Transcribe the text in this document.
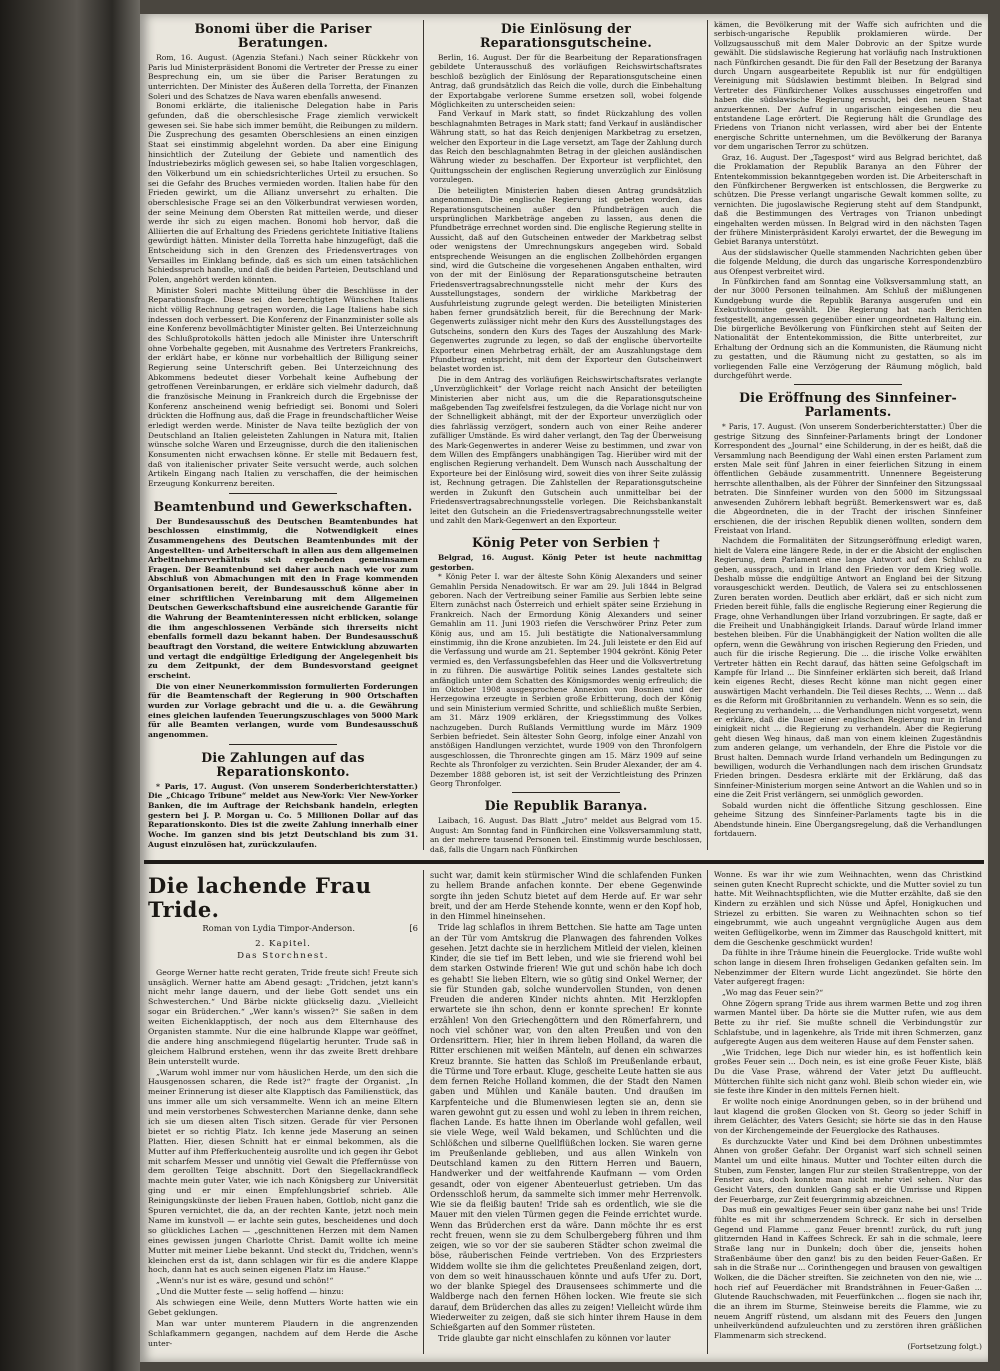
Bonomi über die Pariser Beratungen.

Rom, 16. August. (Agenzia Stefani.) Nach seiner Rückkehr von Paris lud Ministerpräsident Bonomi die Vertreter der Presse zu einer Besprechung ein, um sie über die Pariser Beratungen zu unterrichten. Der Minister des Äußeren della Torretta, der Finanzen Soleri und des Schatzes de Nava waren ebenfalls anwesend.

Bonomi erklärte, die italienische Delegation habe in Paris gefunden, daß die oberschlesische Frage ziemlich verwickelt gewesen sei. Sie habe sich immer bemüht, die Reibungen zu mildern. Die Zusprechung des gesamten Oberschlesiens an einen einzigen Staat sei einstimmig abgelehnt worden. Da aber eine Einigung hinsichtlich der Zuteilung der Gebiete und namentlich des Industriebezirks möglich gewesen sei, so habe Italien vorgeschlagen, den Völkerbund um ein schiedsrichterliches Urteil zu ersuchen. So sei die Gefahr des Bruches vermieden worden. Italien habe für den Frieden gewirkt, um die Allianz unversehrt zu erhalten. Die oberschlesische Frage sei an den Völkerbundrat verwiesen worden, der seine Meinung dem Obersten Rat mitteilen werde, und dieser werde ihr sich zu eigen machen. Bonomi hob hervor, daß die Alliierten die auf Erhaltung des Friedens gerichtete Initiative Italiens gewürdigt hätten. Minister della Torretta habe hinzugefügt, daß die Entscheidung sich in den Grenzen des Friedensvertrages von Versailles im Einklang befinde, daß es sich um einen tatsächlichen Schiedsspruch handle, und daß die beiden Parteien, Deutschland und Polen, angehört werden könnten.

Minister Soleri machte Mitteilung über die Beschlüsse in der Reparationsfrage. Diese sei den berechtigten Wünschen Italiens nicht völlig Rechnung getragen worden, die Lage Italiens habe sich indessen doch verbessert. Die Konferenz der Finanzminister solle als eine Konferenz bevollmächtigter Minister gelten. Bei Unterzeichnung des Schlußprotokolls hätten jedoch alle Minister ihre Unterschrift ohne Vorbehalte gegeben, mit Ausnahme des Vertreters Frankreichs, der erklärt habe, er könne nur vorbehaltlich der Billigung seiner Regierung seine Unterschrift geben. Bei Unterzeichnung des Abkommens bedeutet dieser Vorbehalt keine Aufhebung der getroffenen Vereinbarungen, er erkläre sich vielmehr dadurch, daß die französische Meinung in Frankreich durch die Ergebnisse der Konferenz anscheinend wenig befriedigt sei. Bonomi und Soleri drückten die Hoffnung aus, daß die Frage in freundschaftlicher Weise erledigt werden werde. Minister de Nava teilte bezüglich der von Deutschland an Italien geleisteten Zahlungen in Natura mit, Italien wünsche solche Waren und Erzeugnisse, durch die den italienischen Konsumenten nicht erwachsen könne. Er stelle mit Bedauern fest, daß von italienischer privater Seite versucht werde, auch solchen Artikeln Eingang nach Italien zu verschaffen, die der heimischen Erzeugung Konkurrenz bereiten.

Beamtenbund und Gewerkschaften.

Der Bundesausschuß des Deutschen Beamtenbundes hat beschlossen einstimmig, die Notwendigkeit eines Zusammengehens des Deutschen Beamtenbundes mit der Angestellten- und Arbeiterschaft in allen aus dem allgemeinen Arbeitnehmerverhältnis sich ergebenden gemeinsamen Fragen. Der Beamtenbund sei daher auch nach wie vor zum Abschluß von Abmachungen mit den in Frage kommenden Organisationen bereit, der Bundesausschuß könne aber in einer schriftlichen Vereinbarung mit dem Allgemeinen Deutschen Gewerkschaftsbund eine ausreichende Garantie für die Wahrung der Beamteninteressen nicht erblicken, solange die ihm angeschlossenen Verbände sich ihrerseits nicht ebenfalls formell dazu bekannt haben. Der Bundesausschuß beauftragt den Vorstand, die weitere Entwicklung abzuwarten und vertagt die endgültige Erledigung der Angelegenheit bis zu dem Zeitpunkt, der dem Bundesvorstand geeignet erscheint.

Die von einer Neunerkommission formulierten Forderungen für die Beamtenschaft der Regierung in 900 Ortschaften wurden zur Vorlage gebracht und die u. a. die Gewährung eines gleichen laufenden Teuerungszuschlages von 5000 Mark für alle Beamten verlangen, wurde vom Bundesausschuß angenommen.

Die Zahlungen auf das Reparationskonto.

* Paris, 17. August. (Von unserem Sonderberichterstatter.) Die „Chicago Tribune“ meldet aus New-York: Vier New-Yorker Banken, die im Auftrage der Reichsbank handeln, erlegten gestern bei J. P. Morgan u. Co. 5 Millionen Dollar auf das Reparationskonto. Dies ist die zweite Zahlung innerhalb einer Woche. Im ganzen sind bis jetzt Deutschland bis zum 31. August einzulösen hat, zurückzulaufen.

Die Einlösung der Reparationsgutscheine.

Berlin, 16. August. Der für die Bearbeitung der Reparationsfragen gebildete Unterausschuß des vorläufigen Reichswirtschaftsrates beschloß bezüglich der Einlösung der Reparationsgutscheine einen Antrag, daß grundsätzlich das Reich die volle, durch die Einbehaltung der Exportabgabe verlorene Summe ersetzen soll, wobei folgende Möglichkeiten zu unterscheiden seien:

Fand Verkauf in Mark statt, so findet Rückzahlung des vollen beschlagnahmten Betrages in Mark statt; fand Verkauf in ausländischer Währung statt, so hat das Reich denjenigen Markbetrag zu ersetzen, welcher den Exporteur in die Lage versetzt, am Tage der Zahlung durch das Reich den beschlagnahmten Betrag in der gleichen ausländischen Währung wieder zu beschaffen. Der Exporteur ist verpflichtet, den Quittungsschein der englischen Regierung unverzüglich zur Einlösung vorzulegen.

Die beteiligten Ministerien haben diesen Antrag grundsätzlich angenommen. Die englische Regierung ist gebeten worden, das Reparationsgutscheinen außer den Pfundbeträgen auch die ursprünglichen Markbeträge angeben zu lassen, aus denen die Pfundbeträge errechnet worden sind. Die englische Regierung stellte in Aussicht, daß auf den Gutscheinen entweder der Markbetrag selbst oder wenigstens der Umrechnungskurs angegeben wird. Sobald entsprechende Weisungen an die englischen Zollbehörden ergangen sind, wird die Gutscheine die vorgesehenen Angaben enthalten, wird von der mit der Einlösung der Reparationsgutscheine betrauten Friedensvertragsabrechnungsstelle nicht mehr der Kurs des Ausstellungstages, sondern der wirkliche Markbetrag der Ausfuhrleistung zugrunde gelegt werden. Die beteiligten Ministerien haben ferner grundsätzlich bereit, für die Berechnung der Mark-Gegenwerts zulässiger nicht mehr den Kurs des Ausstellungstages des Gutscheins, sondern den Kurs des Tages der Auszahlung des Mark-Gegenwertes zugrunde zu legen, so daß der englische übervorteilte Exporteur einen Mehrbetrag erhält, der am Auszahlungstage dem Pfundbetrag entspricht, mit dem der Exporteur den Gutscheinwert belastet worden ist.

Die in dem Antrag des vorläufigen Reichswirtschaftsrates verlangte „Unverzüglichkeit“ der Vorlage reicht nach Ansicht der beteiligten Ministerien aber nicht aus, um die die Reparationsgutscheine maßgebenden Tag zweifelsfrei festzulegen, da die Vorlage nicht nur von der Schnelligkeit abhängt, mit der der Exporteur unverzüglich oder dies fahrlässig verzögert, sondern auch von einer Reihe anderer zufälliger Umstände. Es wird daher verlangt, den Tag der Überweisung des Mark-Gegenwertes in anderer Weise zu bestimmen, und zwar von dem Willen des Empfängers unabhängigen Tag. Hierüber wird mit der englischen Regierung verhandelt. Dem Wunsch nach Ausschaltung der Exporteure bei der Einlösung wird, soweit dies von ihrer Seite zulässig ist, Rechnung getragen. Die Zahlstellen der Reparationsgutscheine werden in Zukunft den Gutschein auch unmittelbar bei der Friedensvertragsabrechnungsstelle vorlegen. Die Reichsbankanstalt leitet den Gutschein an die Friedensvertragsabrechnungsstelle weiter und zahlt den Mark-Gegenwert an den Exporteur.

König Peter von Serbien †

Belgrad, 16. August. König Peter ist heute nachmittag gestorben.

* König Peter I. war der älteste Sohn König Alexanders und seiner Gemahlin Persida Nenadowitsch. Er war am 29. Juli 1844 in Belgrad geboren. Nach der Vertreibung seiner Familie aus Serbien lebte seine Eltern zunächst nach Österreich und erhielt später seine Erziehung in Frankreich. Nach der Ermordung König Alexanders und seiner Gemahlin am 11. Juni 1903 riefen die Verschwörer Prinz Peter zum König aus, und am 15. Juli bestätigte die Nationalversammlung einstimmig, ihn die Krone anzubieten. Im 24. Juli leistete er den Eid auf die Verfassung und wurde am 21. September 1904 gekrönt. König Peter vermied es, den Verfassungsbefehlen das Heer und die Volksvertretung in zu führen. Die auswärtige Politik seines Landes gestaltete sich anfänglich unter dem Schatten des Königsmordes wenig erfreulich; die im Oktober 1908 ausgesprochene Annexion von Bosnien und der Herzegowina erzeugte in Serbien große Erbitterung, doch der König und sein Ministerium vermied Schritte, und schließlich mußte Serbien, am 31. März 1909 erklären, der Kriegsstimmung des Volkes nachzugeben. Durch Rußlands Vermittlung wurde im März 1909 Serbien befriedet. Sein ältester Sohn Georg, infolge einer Anzahl von anstößigen Handlungen verzichtet, wurde 1909 von den Thronfolgern ausgeschlossen, die Thronrechte gingen am 15. März 1909 auf seine Rechte als Thronfolger zu verzichten. Sein Bruder Alexander, der am 4. Dezember 1888 geboren ist, ist seit der Verzichtleistung des Prinzen Georg Thronfolger.

Die Republik Baranya.

Laibach, 16. August. Das Blatt „Jutro“ meldet aus Belgrad vom 15. August: Am Sonntag fand in Fünfkirchen eine Volksversammlung statt, an der mehrere tausend Personen teil. Einstimmig wurde beschlossen, daß, falls die Ungarn nach Fünfkirchen

kämen, die Bevölkerung mit der Waffe sich aufrichten und die serbisch-ungarische Republik proklamieren würde. Der Vollzugsausschuß mit dem Maler Dobrovic an der Spitze wurde gewählt. Die südslawische Regierung hat vorläufig nach Instruktionen nach Fünfkirchen gesandt. Die für den Fall der Besetzung der Baranya durch Ungarn ausgearbeitete Republik ist nur für endgültigen Vereinigung mit Südslawien bestimmt bleiben. In Belgrad sind Vertreter des Fünfkirchener Volkes ausschusses eingetroffen und haben die südslawische Regierung ersucht, bei den neuen Staat anzuerkennen. Der Aufruf in ungarischen eingesehen die neu entstandene Lage erörtert. Die Regierung hält die Grundlage des Friedens von Trianon nicht verlassen, wird aber bei der Entente energische Schritte unternehmen, um die Bevölkerung der Baranya vor dem ungarischen Terror zu schützen.

Graz, 16. August. Der „Tagespost“ wird aus Belgrad berichtet, daß die Proklamation der Republik Baranya an den Führer der Ententekommission bekanntgegeben worden ist. Die Arbeiterschaft in den Fünfkirchener Bergwerken ist entschlossen, die Bergwerke zu schützen. Die Presse verlangt ungarische Gewalt kommen sollte, zu vernichten. Die jugoslawische Regierung steht auf dem Standpunkt, daß die Bestimmungen des Vertrages von Trianon unbedingt eingehalten werden müssen. In Belgrad wird in den nächsten Tagen der frühere Ministerpräsident Karolyi erwartet, der die Bewegung im Gebiet Baranya unterstützt.

Aus der südslawischer Quelle stammenden Nachrichten geben über die folgende Meldung, die durch das ungarische Korrespondenzbüro aus Ofenpest verbreitet wird.

In Fünfkirchen fand am Sonntag eine Volksversammlung statt, an der nur 3000 Personen teilnahmen. Am Schluß der mißlungenen Kundgebung wurde die Republik Baranya ausgerufen und ein Exekutivkomitee gewählt. Die Regierung hat nach Berichten festgestellt, angemessen gegenüber einer ungeordneten Haltung ein. Die bürgerliche Bevölkerung von Fünfkirchen steht auf Seiten der Nationalität der Ententekommission, die Bitte unterbreitet, zur Erhaltung der Ordnung sich an die Kommunisten, die Räumung nicht zu gestatten, und die Räumung nicht zu gestatten, so als im vorliegenden Falle eine Verzögerung der Räumung möglich, bald durchgeführt werde.

Die Eröffnung des Sinnfeiner-Parlaments.

* Paris, 17. August. (Von unserem Sonderberichterstatter.) Über die gestrige Sitzung des Sinnfeiner-Parlaments bringt der Londoner Korrespondent des „Journal“ eine Schilderung, in der es heißt, daß die Versammlung nach Beendigung der Wahl einen ersten Parlament zum ersten Male seit fünf Jahren in einer feierlichen Sitzung in einem öffentlichen Gebäude zusammentritt. Unnennere Begeisterung herrschte allenthalben, als der Führer der Sinnfeiner den Sitzungssaal betraten. Die Sinnfeiner wurden von den 5000 im Sitzungssaal anwesenden Zuhörern lebhaft begrüßt. Bemerkenswert war es, daß die Abgeordneten, die in der Tracht der irischen Sinnfeiner erschienen, die der irischen Republik dienen wollten, sondern dem Freistaat von Irland.

Nachdem die Formalitäten der Sitzungseröffnung erledigt waren, hielt de Valera eine längere Rede, in der er die Absicht der englischen Regierung, dem Parlament eine lange Antwort auf den Schluß zu geben, aussprach, und in Irland den Frieden vor dem Krieg wolle. Deshalb müsse die endgültige Antwort an England bei der Sitzung vorausgeschickt werden. Deutlich, de Valera sei zu entschlossenen Zuren beraten worden. Deutlich aber erklärt, daß er sich nicht zum Frieden bereit fühle, falls die englische Regierung einer Regierung die Frage, ohne Verhandlungen über Irland vorzubringen. Er sagte, daß er die Freiheit und Unabhängigkeit Irlands. Darauf würde Irland immer bestehen bleiben. Für die Unabhängigkeit der Nation wollten die alle opfern, wenn die Gewährung von irischen Regierung den Frieden, und auch für die irische Regierung. Die ... die irische Volke erwählten Vertreter hätten ein Recht darauf, das hätten seine Gefolgschaft im Kampfe für Irland ... Die Sinnfeiner erklärten sich bereit, daß Irland kein eigenes Recht, dieses Recht könne man nicht gegen einer auswärtigen Macht verhandeln. Die Teil dieses Rechts, ... Wenn ... daß es die Reform mit Großbritannien zu verhandeln. Wenn es so sein, die Regierung zu verhandeln, ... die Verhandlungen nicht vorgesetzt, wenn er erkläre, daß die Dauer einer englischen Regierung nur in Irland einigkeit nicht ... die Regierung zu verhandeln. Aber die Regierung geht diesen Weg hinaus, daß man von einem kleinen Zugeständnis zum anderen gelange, um verhandeln, der Ehre die Pistole vor die Brust halten. Demnach wurde Irland verhandeln um Bedingungen zu bewilligen, wodurch die Verhandlungen nach dem irischen Grundsatz Frieden bringen. Desdesra erklärte mit der Erklärung, daß das Sinnfeiner-Ministerium morgen seine Antwort an die Wahlen und so in eine die Zeit Frist verlängern, sei unmöglich geworden.

Sobald wurden nicht die öffentliche Sitzung geschlossen. Eine geheime Sitzung des Sinnfeiner-Parlaments tagte bis in die Abendstunde hinein. Eine Übergangsregelung, daß die Verhandlungen fortdauern.

Die lachende Frau Tride.
Roman von Lydia Timpor-Anderson.	[6
2. Kapitel.
Das Storchnest.

George Werner hatte recht geraten, Tride freute sich! Freute sich unsäglich. Werner hatte am Abend gesagt: „Tridchen, jetzt kann's nicht mehr lange dauern, und der liebe Gott sendet uns ein Schwesterchen.“ Und Bärbe nickte glückselig dazu. „Vielleicht sogar ein Brüderchen.“ „Wer kann's wissen?“ Sie saßen in dem weiten Eichenklapptisch, der noch aus dem Elternhause des Organisten stammte. Nur die eine halbrunde Klappe war geöffnet, die andere hing anschmiegend flügelartig herunter. Trude saß in gleichem Halbrund erstehen, wenn ihr das zweite Brett drehbare Bein unterstellt wurde.

„Warum wohl immer nur vom häuslichen Herde, um den sich die Hausgenossen scharen, die Rede ist?“ fragte der Organist. „In meiner Erinnerung ist dieser alte Klapptisch das Familienstück, das uns immer alle um sich versammelte. Wenn ich an meine Eltern und mein verstorbenes Schwesterchen Marianne denke, dann sehe ich sie um diesen alten Tisch sitzen. Gerade für vier Personen bietet er so richtig Platz. Ich kenne jede Maserung an seinen Platten. Hier, diesen Schnitt hat er einmal bekommen, als die Mutter auf ihm Pfefferkuchenteig ausrollte und ich gegen ihr Gebot mit scharfem Messer und unnötig viel Gewalt die Pfeffernüsse von dem gerollten Teige abschnitt. Dort den Siegellackrandfleck machte mein guter Vater, wie ich nach Königsberg zur Universität ging und er mir einen Empfehlungsbrief schrieb. Alle Reinigungskünste der lieben Frauen haben, Gottlob, nicht ganz die Spuren vernichtet, die da, an der rechten Kante, jetzt noch mein Name im kunstvoll — er lachte sein gutes, bescheidenes und doch so glückliches Lachen — „geschnittenen Herzen mit dem Namen eines gewissen jungen Charlotte Christ. Damit wollte ich meine Mutter mit meiner Liebe bekannt. Und steckt du, Tridchen, wenn's kleinchen erst da ist, dann schlagen wir für es die andere Klappe hoch, dann hat es auch seinen eigenen Platz im Hause.“

„Wenn's nur ist es wäre, gesund und schön!“

„Und die Mutter feste — selig hoffend — hinzu:

Als schwiegen eine Weile, denn Mutters Worte hatten wie ein Gebet geklungen.

Man war unter munterem Plaudern in die angrenzenden Schlafkammern gegangen, nachdem auf dem Herde die Asche unter-

sucht war, damit kein stürmischer Wind die schlafenden Funken zu hellem Brande anfachen konnte. Der ebene Gegenwinde sorgte ihn jeden Schutz bietet auf dem Herde auf. Er war sehr breit, und der am Herde Stehende konnte, wenn er den Kopf hob, in den Himmel hineinsehen.

Tride lag schlaflos in ihrem Bettchen. Sie hatte am Tage unten an der Tür vom Amtskrug die Planwagen des fahrenden Volkes gesehen. Jetzt dachte sie in herzlichem Mitleid der vielen, kleinen Kinder, die sie tief im Bett leben, und wie sie frierend wohl bei dem starken Ostwinde frieren! Wie gut und schön habe ich doch es gehabt! Sie lieben Eltern, wie so gütig sind Onkel Werner, der sie für Stunden gab, solche wundervollen Stunden, von denen Freuden die anderen Kinder nichts ahnten. Mit Herzklopfen erwartete sie ihn schon, denn er konnte sprechen! Er konnte erzählen! Von den Griechengöttern und den Römerfahrern, und noch viel schöner war, von den alten Preußen und von den Ordensrittern. Hier, hier in ihrem lieben Holland, da waren die Ritter erschienen mit weißen Mänteln, auf denen ein schwarzes Kreuz brannte. Sie hatten das Schloß im Preußenlande erbaut, die Türme und Tore erbaut. Kluge, gescheite Leute hatten sie aus dem fernen Reiche Holland kommen, die der Stadt den Namen gaben und Mühlen und Kanäle bauten. Und draußen im Karpfenteiche und die Blumenwiesen legten sie an, denn sie waren gewohnt gut zu essen und wohl zu leben in ihrem reichen, flachen Lande. Es hatte ihnen im Oberlande wohl gefallen, weil sie viele Wege, weil Wald bekamen, und Schlüchten und die Schlößchen und silberne Quellflüßchen locken. Sie waren gerne im Preußenlande geblieben, und aus allen Winkeln von Deutschland kamen zu den Rittern Herren und Bauern, Handwerker und der weitfahrende Kaufmann — vom Orden gesandt, oder von eigener Abenteuerlust getrieben. Um das Ordensschloß herum, da sammelte sich immer mehr Herrenvolk. Wie sie da fleißig bauten! Tride sah es ordentlich, wie sie die Mauer mit den vielen Türmen gegen die Feinde errichtet wurde. Wenn das Brüderchen erst da wäre. Dann möchte ihr es erst recht freuen, wenn sie zu dem Schulbergeberg führen und ihm zeigen, wie so vor der sie sauberen Städter schon zweimal die böse, räuberischen Feinde vertrieben. Von des Erzpriesters Widdem wollte sie ihm die gelichtetes Preußenland zeigen, dort, von dem so weit hinausschauen könnte und aufs Ufer zu. Dort, wo der blanke Spiegel des Drausensees schimmerte und die Waldberge nach den fernen Höhen locken. Wie freute sie sich darauf, dem Brüderchen das alles zu zeigen! Vielleicht würde ihm Wiederweiter zu zeigen, daß sie sich hinter ihrem Hause in dem Schießgarten auf den Sommer rüsteten.

Tride glaubte gar nicht einschlafen zu können vor lauter

Wonne. Es war ihr wie zum Weihnachten, wenn das Christkind seinen guten Knecht Ruprecht schickte, und die Mutter soviel zu tun hatte. Mit Weihnachtspflichten, wie die Mutter erzählte, daß sie den Kindern zu erzählen und sich Nüsse und Äpfel, Honigkuchen und Striezel zu erbitten. Sie waren zu Weihnachten schon so tief eingebrummt, wie auch ungeahnt vergnügliche Augen aus dem weiten Geflügelkorbe, wenn im Zimmer das Rauschgold knittert, mit dem die Geschenke geschmückt wurden!

Da fühlte in ihre Träume hinein die Feuerglocke. Tride wußte wohl schon lange in diesem Ihren frohseligen Gedanken gefalten sein. Im Nebenzimmer der Eltern wurde Licht angezündet. Sie hörte den Vater aufgeregt fragen:

„Wo mag das Feuer sein?“

Ohne Zögern sprang Tride aus ihrem warmen Bette und zog ihren warmen Mantel über. Da hörte sie die Mutter rufen, wie aus dem Bette zu ihr rief. Sie mußte schnell die Verbindungstür zur Schlafstube, und in lagenkehre, als Tride mit ihren Schmerzen, ganz aufgeregte Augen aus dem weiteren Hause auf dem Fenster sahen.

„Wie Tridchen, lege Dich nur wieder hin, es ist hoffentlich kein großes Feuer sein ... Doch nein, es ist eine große Feuer Kiste, bläß Du die Vase Prase, während der Vater jetzt Du auffleucht. Mütterchen fühlte sich nicht ganz wohl. Bleib schon wieder ein, wie sie feste ihre Kinder in den mittels Fernen hielt.

Er wollte noch einige Anordnungen geben, so in der brühend und laut klagend die großen Glocken von St. Georg so jeder Schiff in ihrem Gelächter, des Vaters Gesicht; sie hörte sie das in den Hause von der Kirchengemeinde der Feuerglocke des Rathauses.

Es durchzuckte Vater und Kind bei dem Dröhnen unbestimmtes Ahnen von großer Gefahr. Der Organist warf sich schnell seinen Mantel um und eilte hinaus. Mutter und Tochter eilten durch die Stuben, zum Fenster, langen Flur zur steilen Straßentreppe, von der Fenster aus, doch konnte man nicht mehr viel sehen. Nur das Gesicht Vaters, den dunklen Gang sah er die Umrisse und Rippen der Feuerbarge, zur Zeit feuergrimmig abzeichnen.

Das muß ein gewaltiges Feuer sein über ganz nahe bei uns! Tride fühlte es mit ihr schmerzendem Schreck. Er sich in derselben Gegend und Flamme ... ganz Feuer brennt! zurück, du ruft jung glitzernden Hand in Kaffees Schreck. Er sah in die schmale, leere Straße lang nur in Dunkeln; doch über die, jenseits hohen Straßenbäume über den ganz! bis zu den beiden Feuer-Gaßen. Er sah in die Straße nur ... Corinthengegen und brausen von gewaltigen Wolken, die die Dächer streiften. Sie zeichneten von den nie, wie ... hoch rief auf Feuerdächer mit Brandsträhnen in Feuer-Gaßen ... Glutende Rauchschwaden, mit Feuerfünkchen ... flogen sie nach ihr, die an ihrem im Sturme, Steinweise bereits die Flamme, wie zu neuem Angriff rüstend, um alsdann mit des Feuers den Jungen unheilverkündend aufzuleuchten und zu zerstören ihren gräßlichen Flammenarm sich streckend.

(Fortsetzung folgt.)
